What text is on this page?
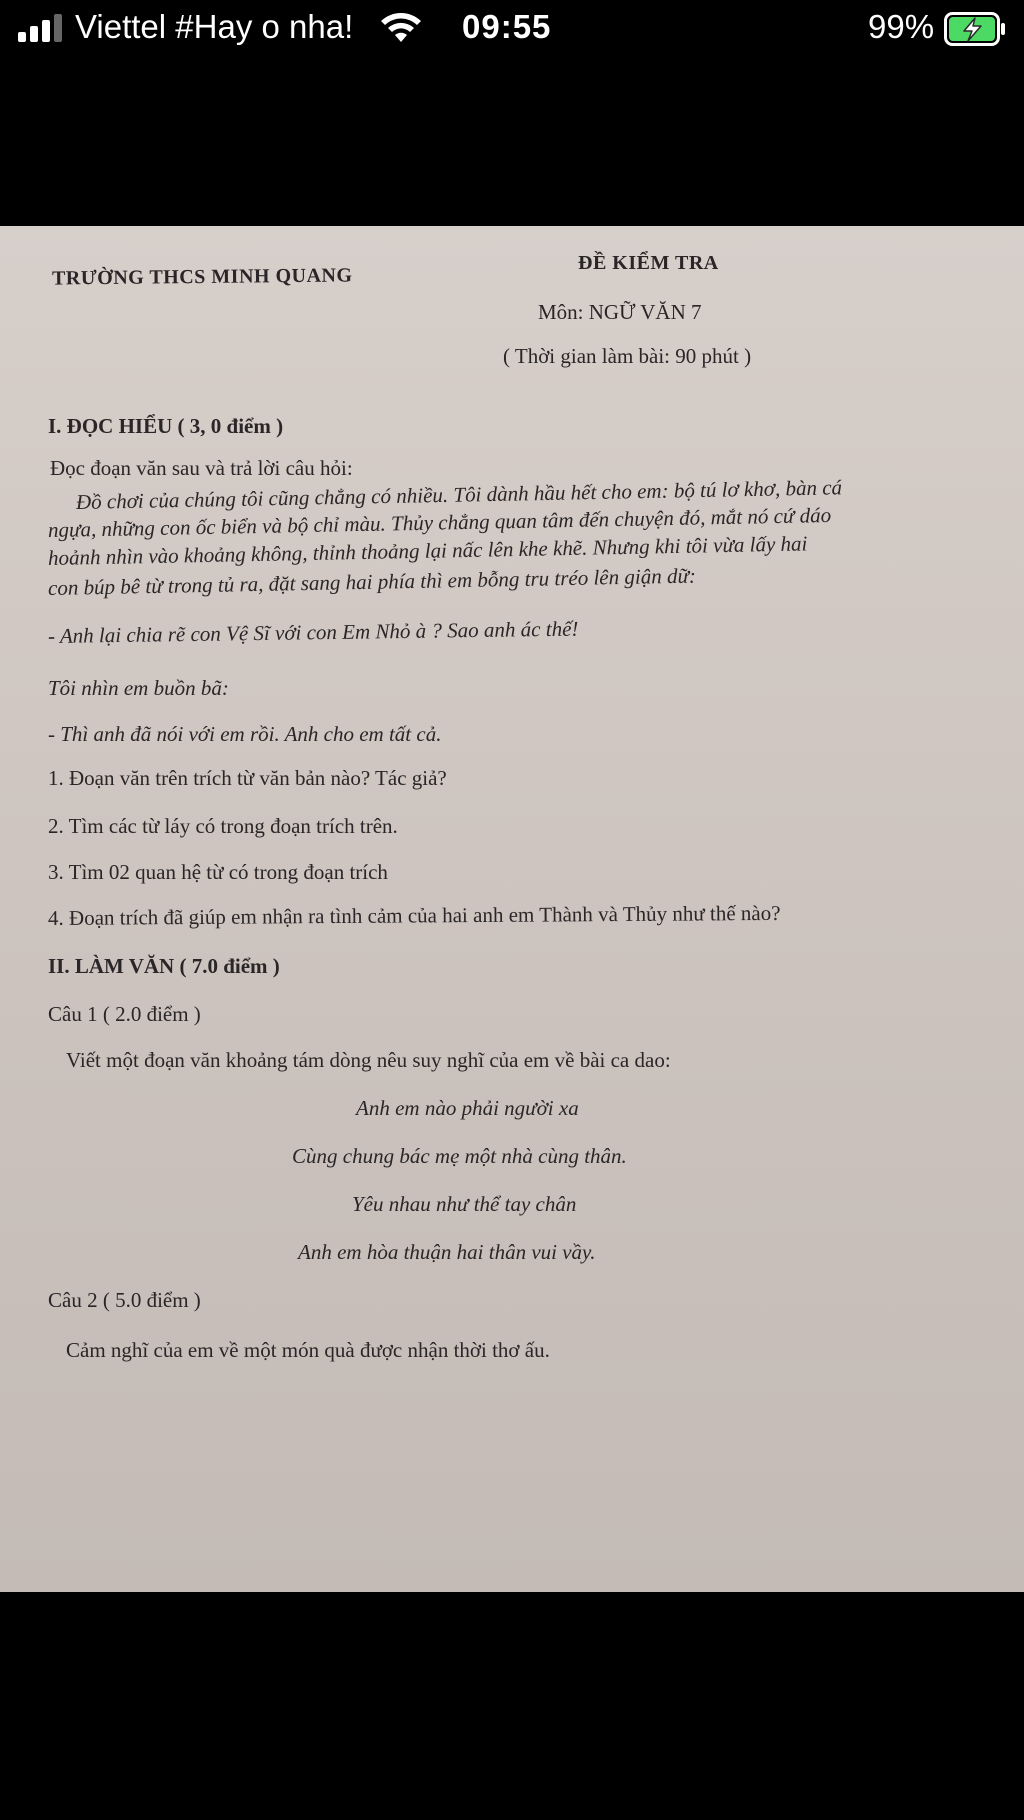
Viettel #Hay o nha!	09:55	99%
TRƯỜNG THCS MINH QUANG
ĐỀ KIỂM TRA
Môn: NGỮ VĂN 7
( Thời gian làm bài: 90 phút )
I. ĐỌC HIỂU ( 3, 0 điểm )
Đọc đoạn văn sau và trả lời câu hỏi:
Đồ chơi của chúng tôi cũng chẳng có nhiều. Tôi dành hầu hết cho em: bộ tú lơ khơ, bàn cá
ngựa, những con ốc biển và bộ chỉ màu. Thủy chẳng quan tâm đến chuyện đó, mắt nó cứ dáo
hoảnh nhìn vào khoảng không, thỉnh thoảng lại nấc lên khe khẽ. Nhưng khi tôi vừa lấy hai
con búp bê từ trong tủ ra, đặt sang hai phía thì em bỗng tru tréo lên giận dữ:
- Anh lại chia rẽ con Vệ Sĩ với con Em Nhỏ à ? Sao anh ác thế!
Tôi nhìn em buồn bã:
- Thì anh đã nói với em rồi. Anh cho em tất cả.
1. Đoạn văn trên trích từ văn bản nào? Tác giả?
2. Tìm các từ láy có trong đoạn trích trên.
3. Tìm 02 quan hệ từ có trong đoạn trích
4. Đoạn trích đã giúp em nhận ra tình cảm của hai anh em Thành và Thủy như thế nào?
II. LÀM VĂN ( 7.0 điểm )
Câu 1 ( 2.0 điểm )
Viết một đoạn văn khoảng tám dòng nêu suy nghĩ của em về bài ca dao:
Anh em nào phải người xa
Cùng chung bác mẹ một nhà cùng thân.
Yêu nhau như thể tay chân
Anh em hòa thuận hai thân vui vầy.
Câu 2 ( 5.0 điểm )
Cảm nghĩ của em về một món quà được nhận thời thơ ấu.
